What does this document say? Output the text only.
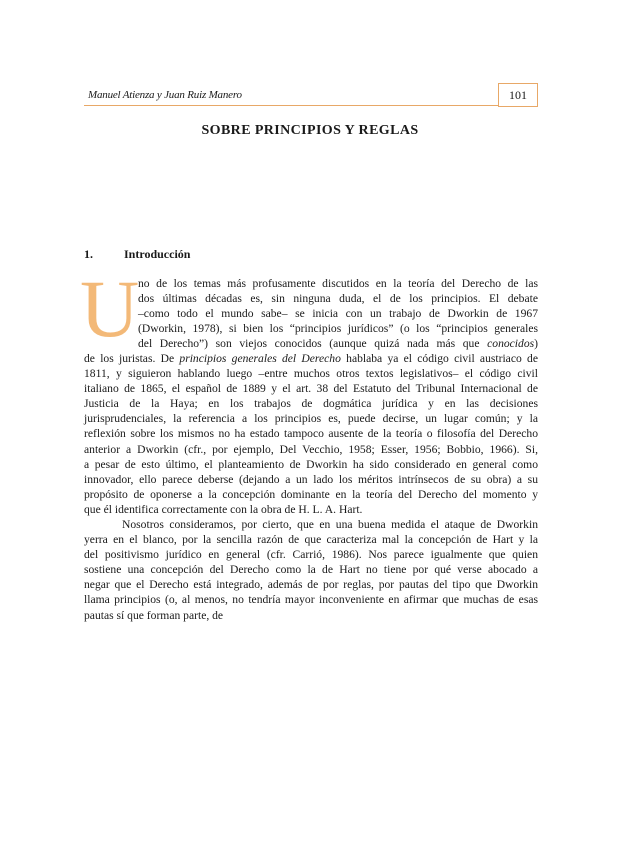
Manuel Atienza y Juan Ruiz Manero	101
SOBRE PRINCIPIOS Y REGLAS
1.	Introducción
U
no de los temas más profusamente discutidos en la teoría del Derecho de las
dos últimas décadas es, sin ninguna duda, el de los principios. El debate
–como todo el mundo sabe– se inicia con un trabajo de Dworkin de 1967
(Dworkin, 1978), si bien los “principios jurídicos” (o los “principios generales
del Derecho”) son viejos conocidos (aunque quizá nada más que conocidos)
de los juristas. De principios generales del Derecho hablaba ya el código civil austriaco de
1811, y siguieron hablando luego –entre muchos otros textos legislativos– el código civil
italiano de 1865, el español de 1889 y el art. 38 del Estatuto del Tribunal Internacional de
Justicia de la Haya; en los trabajos de dogmática jurídica y en las decisiones
jurisprudenciales, la referencia a los principios es, puede decirse, un lugar común; y la
reflexión sobre los mismos no ha estado tampoco ausente de la teoría o filosofía del Derecho
anterior a Dworkin (cfr., por ejemplo, Del Vecchio, 1958; Esser, 1956; Bobbio, 1966). Si,
a pesar de esto último, el planteamiento de Dworkin ha sido considerado en general como
innovador, ello parece deberse (dejando a un lado los méritos intrínsecos de su obra) a su
propósito de oponerse a la concepción dominante en la teoría del Derecho del momento y
que él identifica correctamente con la obra de H. L. A. Hart.
Nosotros consideramos, por cierto, que en una buena medida el ataque de Dworkin
yerra en el blanco, por la sencilla razón de que caracteriza mal la concepción de Hart y la
del positivismo jurídico en general (cfr. Carrió, 1986). Nos parece igualmente que quien
sostiene una concepción del Derecho como la de Hart no tiene por qué verse abocado a
negar que el Derecho está integrado, además de por reglas, por pautas del tipo que Dworkin
llama principios (o, al menos, no tendría mayor inconveniente en afirmar que muchas de esas
pautas sí que forman parte, de
